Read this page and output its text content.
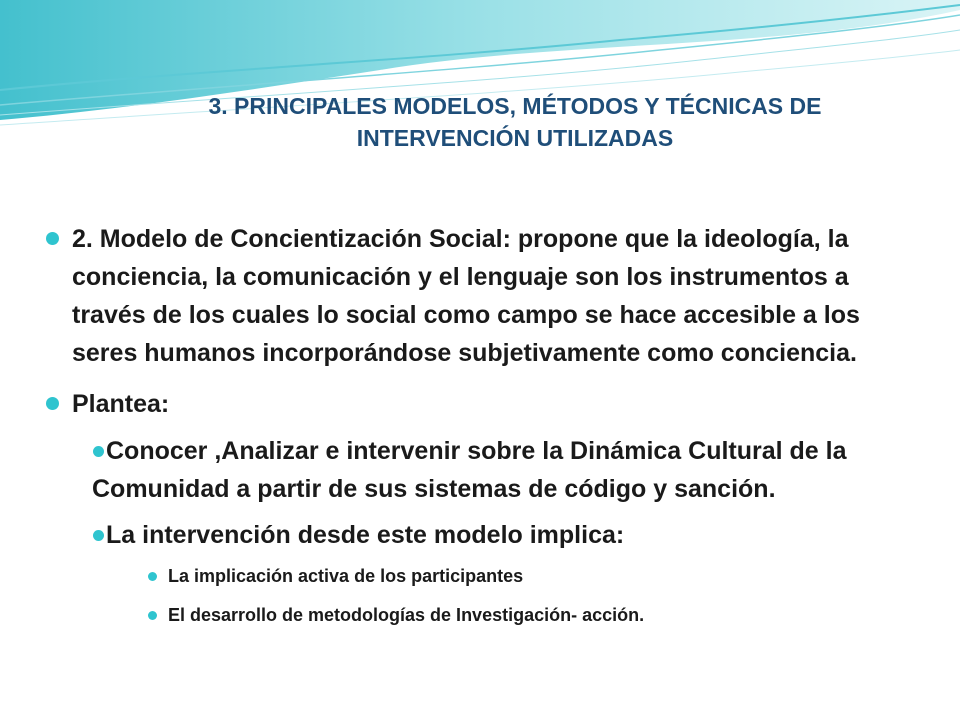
3. PRINCIPALES MODELOS, MÉTODOS Y TÉCNICAS DE
INTERVENCIÓN UTILIZADAS
2. Modelo de Concientización Social: propone que la ideología, la
conciencia, la comunicación y el lenguaje son los instrumentos a
través de los cuales lo social como campo se hace accesible a los
seres humanos incorporándose subjetivamente como conciencia.
Plantea:
Conocer ,Analizar e intervenir sobre la Dinámica Cultural de la
Comunidad a partir de sus sistemas de código y sanción.
La intervención desde este modelo implica:
La implicación activa de los participantes
El desarrollo de metodologías de Investigación- acción.
